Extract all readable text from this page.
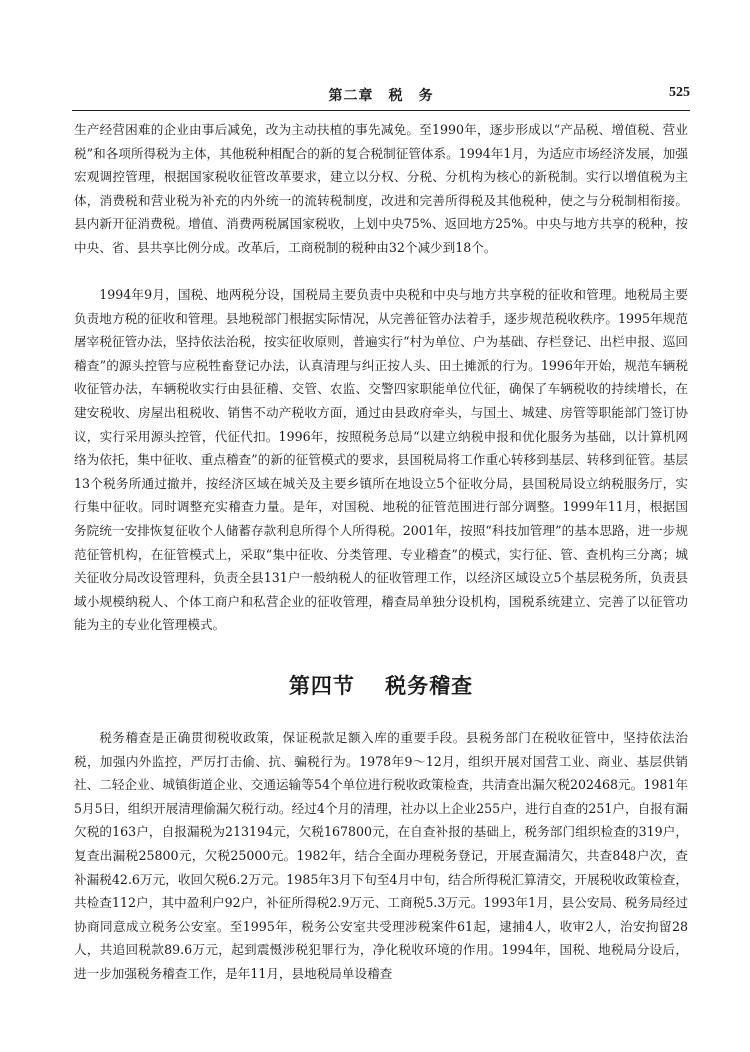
第二章　税　务	525

生产经营困难的企业由事后减免，改为主动扶植的事先减免。至1990年，逐步形成以“产品税、增值税、营业税”和各项所得税为主体，其他税种相配合的新的复合税制征管体系。1994年1月，为适应市场经济发展，加强宏观调控管理，根据国家税收征管改革要求，建立以分权、分税、分机构为核心的新税制。实行以增值税为主体，消费税和营业税为补充的内外统一的流转税制度，改进和完善所得税及其他税种，使之与分税制相衔接。县内新开征消费税。增值、消费两税属国家税收，上划中央75%、返回地方25%。中央与地方共享的税种，按中央、省、县共享比例分成。改革后，工商税制的税种由32个减少到18个。

1994年9月，国税、地两税分设，国税局主要负责中央税和中央与地方共享税的征收和管理。地税局主要负责地方税的征收和管理。县地税部门根据实际情况，从完善征管办法着手，逐步规范税收秩序。1995年规范屠宰税征管办法，坚持依法治税，按实征收原则，普遍实行“村为单位、户为基础、存栏登记、出栏申报、巡回稽查”的源头控管与应税牲畜登记办法，认真清理与纠正按人头、田土摊派的行为。1996年开始，规范车辆税收征管办法，车辆税收实行由县征稽、交管、农监、交警四家职能单位代征，确保了车辆税收的持续增长，在建安税收、房屋出租税收、销售不动产税收方面，通过由县政府牵头，与国土、城建、房管等职能部门签订协议，实行采用源头控管，代征代扣。1996年，按照税务总局“以建立纳税申报和优化服务为基础，以计算机网络为依托，集中征收、重点稽查”的新的征管模式的要求，县国税局将工作重心转移到基层、转移到征管。基层13个税务所通过撤并，按经济区域在城关及主要乡镇所在地设立5个征收分局，县国税局设立纳税服务厅，实行集中征收。同时调整充实稽查力量。是年，对国税、地税的征管范围进行部分调整。1999年11月，根据国务院统一安排恢复征收个人储蓄存款利息所得个人所得税。2001年，按照“科技加管理”的基本思路，进一步规范征管机构，在征管模式上，采取“集中征收、分类管理、专业稽查”的模式，实行征、管、查机构三分离；城关征收分局改设管理科，负责全县131户一般纳税人的征收管理工作，以经济区域设立5个基层税务所，负责县域小规模纳税人、个体工商户和私营企业的征收管理，稽查局单独分设机构，国税系统建立、完善了以征管功能为主的专业化管理模式。

第四节　 税务稽查

税务稽查是正确贯彻税收政策，保证税款足额入库的重要手段。县税务部门在税收征管中，坚持依法治税，加强内外监控，严厉打击偷、抗、骗税行为。1978年9～12月，组织开展对国营工业、商业、基层供销社、二轻企业、城镇街道企业、交通运输等54个单位进行税收政策检查，共清查出漏欠税202468元。1981年5月5日，组织开展清理偷漏欠税行动。经过4个月的清理，社办以上企业255户，进行自查的251户，自报有漏欠税的163户，自报漏税为213194元，欠税167800元，在自查补报的基础上，税务部门组织检查的319户，复查出漏税25800元，欠税25000元。1982年，结合全面办理税务登记，开展查漏清欠，共查848户次，查补漏税42.6万元，收回欠税6.2万元。1985年3月下旬至4月中旬，结合所得税汇算清交，开展税收政策检查，共检查112户，其中盈利户92户，补征所得税2.9万元、工商税5.3万元。1993年1月，县公安局、税务局经过协商同意成立税务公安室。至1995年，税务公安室共受理涉税案件61起，逮捕4人，收审2人，治安拘留28人，共追回税款89.6万元，起到震慑涉税犯罪行为，净化税收环境的作用。1994年，国税、地税局分设后，进一步加强税务稽查工作，是年11月，县地税局单设稽查
